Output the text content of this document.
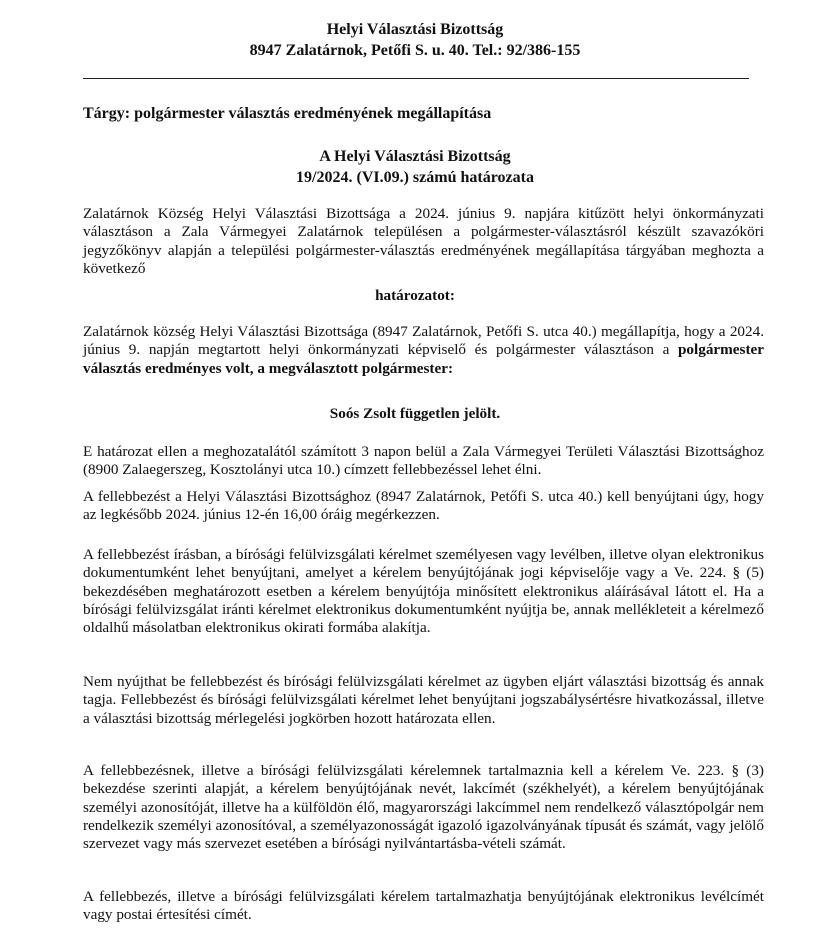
Helyi Választási Bizottság
8947 Zalatárnok, Petőfi S. u. 40. Tel.: 92/386-155
Tárgy: polgármester választás eredményének megállapítása
A Helyi Választási Bizottság
19/2024. (VI.09.) számú határozata
Zalatárnok Község Helyi Választási Bizottsága a 2024. június 9. napjára kitűzött helyi önkormányzati választáson a Zala Vármegyei Zalatárnok településen a polgármester-választásról készült szavazóköri jegyzőkönyv alapján a települési polgármester-választás eredményének megállapítása tárgyában meghozta a következő
határozatot:
Zalatárnok község Helyi Választási Bizottsága (8947 Zalatárnok, Petőfi S. utca 40.) megállapítja, hogy a 2024. június 9. napján megtartott helyi önkormányzati képviselő és polgármester választáson a polgármester választás eredményes volt, a megválasztott polgármester:
Soós Zsolt független jelölt.
E határozat ellen a meghozatalától számított 3 napon belül a Zala Vármegyei Területi Választási Bizottsághoz (8900 Zalaegerszeg, Kosztolányi utca 10.) címzett fellebbezéssel lehet élni.
A fellebbezést a Helyi Választási Bizottsághoz (8947 Zalatárnok, Petőfi S. utca 40.) kell benyújtani úgy, hogy az legkésőbb 2024. június 12-én 16,00 óráig megérkezzen.
A fellebbezést írásban, a bírósági felülvizsgálati kérelmet személyesen vagy levélben, illetve olyan elektronikus dokumentumként lehet benyújtani, amelyet a kérelem benyújtójának jogi képviselője vagy a Ve. 224. § (5) bekezdésében meghatározott esetben a kérelem benyújtója minősített elektronikus aláírásával látott el. Ha a bírósági felülvizsgálat iránti kérelmet elektronikus dokumentumként nyújtja be, annak mellékleteit a kérelmező oldalhű másolatban elektronikus okirati formába alakítja.
Nem nyújthat be fellebbezést és bírósági felülvizsgálati kérelmet az ügyben eljárt választási bizottság és annak tagja. Fellebbezést és bírósági felülvizsgálati kérelmet lehet benyújtani jogszabálysértésre hivatkozással, illetve a választási bizottság mérlegelési jogkörben hozott határozata ellen.
A fellebbezésnek, illetve a bírósági felülvizsgálati kérelemnek tartalmaznia kell a kérelem Ve. 223. § (3) bekezdése szerinti alapját, a kérelem benyújtójának nevét, lakcímét (székhelyét), a kérelem benyújtójának személyi azonosítóját, illetve ha a külföldön élő, magyarországi lakcímmel nem rendelkező választópolgár nem rendelkezik személyi azonosítóval, a személyazonosságát igazoló igazolványának típusát és számát, vagy jelölő szervezet vagy más szervezet esetében a bírósági nyilvántartásba-vételi számát.
A fellebbezés, illetve a bírósági felülvizsgálati kérelem tartalmazhatja benyújtójának elektronikus levélcímét vagy postai értesítési címét.
